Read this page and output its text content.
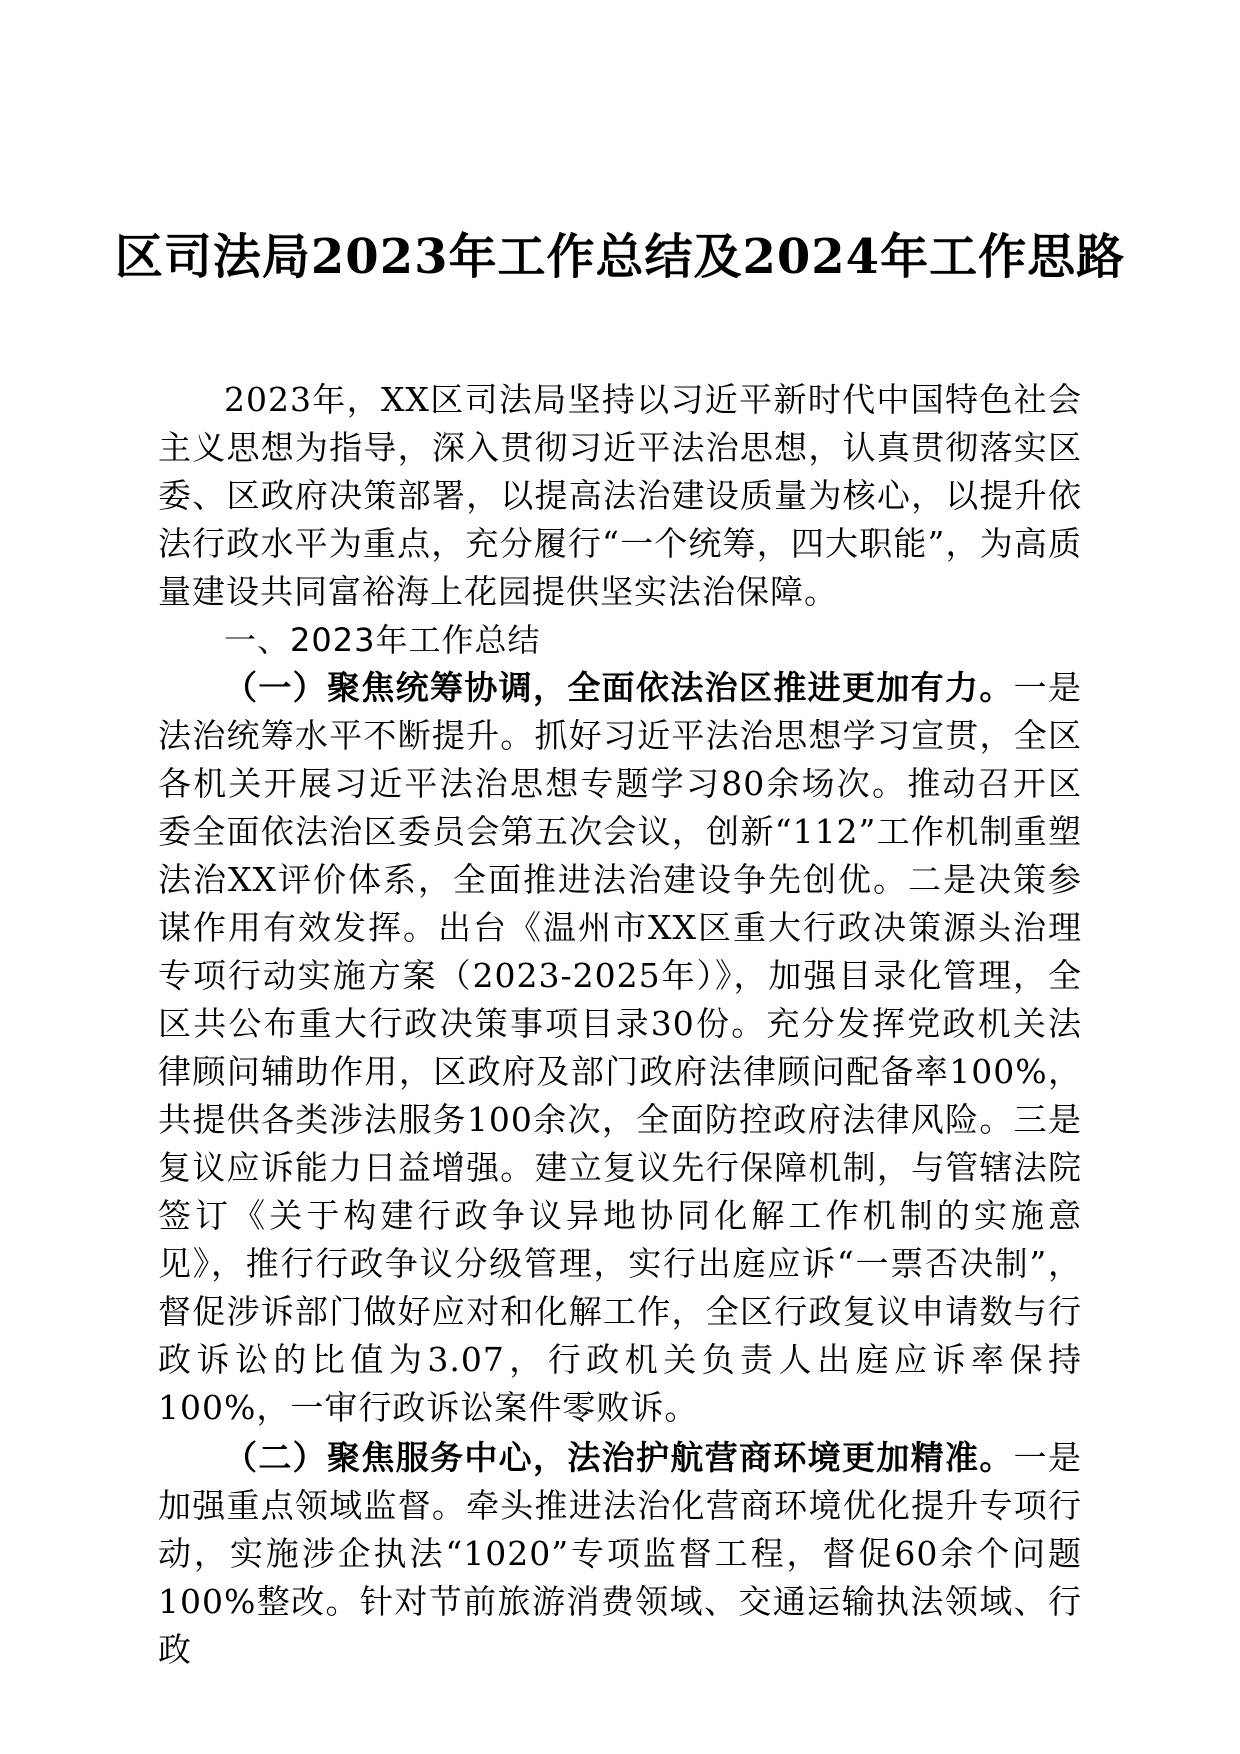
区司法局2023年工作总结及2024年工作思路

2023年，XX区司法局坚持以习近平新时代中国特色社会主义思想为指导，深入贯彻习近平法治思想，认真贯彻落实区委、区政府决策部署，以提高法治建设质量为核心，以提升依法行政水平为重点，充分履行“一个统筹，四大职能”，为高质量建设共同富裕海上花园提供坚实法治保障。

一、2023年工作总结

（一）聚焦统筹协调，全面依法治区推进更加有力。一是法治统筹水平不断提升。抓好习近平法治思想学习宣贯，全区各机关开展习近平法治思想专题学习80余场次。推动召开区委全面依法治区委员会第五次会议，创新“112”工作机制重塑法治XX评价体系，全面推进法治建设争先创优。二是决策参谋作用有效发挥。出台《温州市XX区重大行政决策源头治理专项行动实施方案（2023-2025年）》，加强目录化管理，全区共公布重大行政决策事项目录30份。充分发挥党政机关法律顾问辅助作用，区政府及部门政府法律顾问配备率100%，共提供各类涉法服务100余次，全面防控政府法律风险。三是复议应诉能力日益增强。建立复议先行保障机制，与管辖法院签订《关于构建行政争议异地协同化解工作机制的实施意见》，推行行政争议分级管理，实行出庭应诉“一票否决制”，督促涉诉部门做好应对和化解工作，全区行政复议申请数与行政诉讼的比值为3.07，行政机关负责人出庭应诉率保持100%，一审行政诉讼案件零败诉。

（二）聚焦服务中心，法治护航营商环境更加精准。一是加强重点领域监督。牵头推进法治化营商环境优化提升专项行动，实施涉企执法“1020”专项监督工程，督促60余个问题100%整改。针对节前旅游消费领域、交通运输执法领域、行政
